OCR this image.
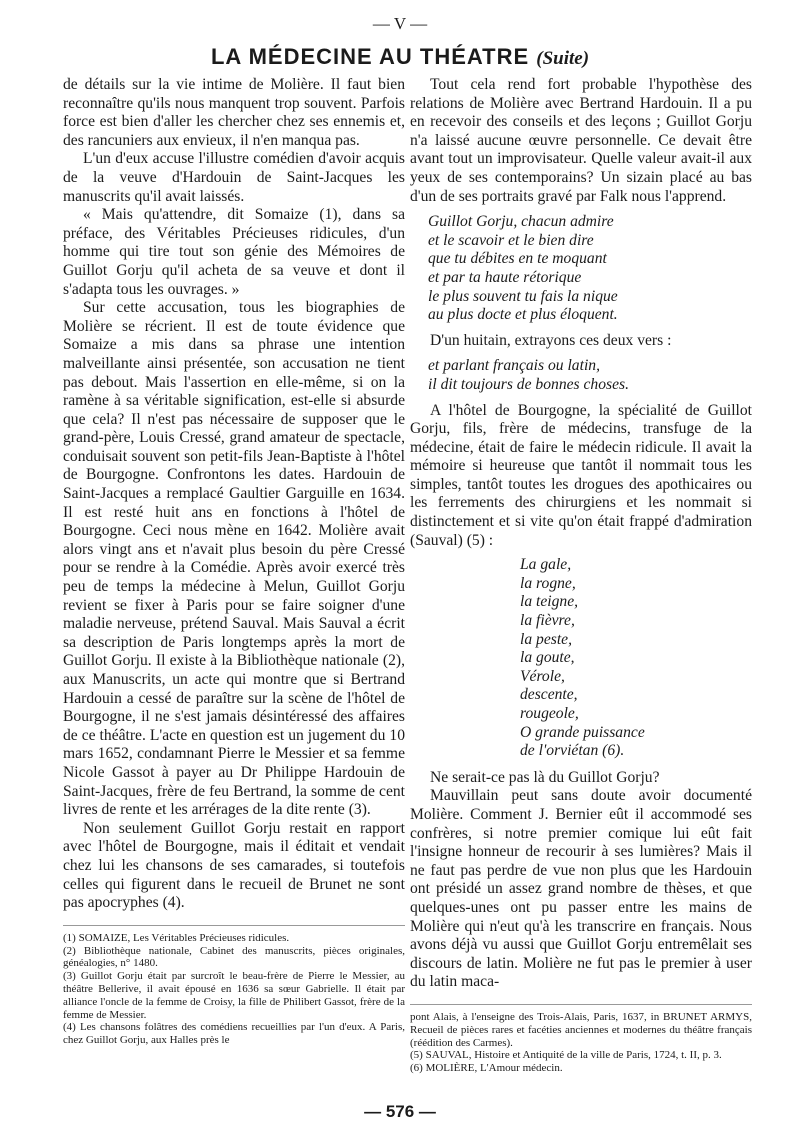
— V —
LA MÉDECINE AU THÉATRE (Suite)

de détails sur la vie intime de Molière. Il faut bien reconnaître qu'ils nous manquent trop souvent. Parfois force est bien d'aller les chercher chez ses ennemis et, des rancuniers aux envieux, il n'en manqua pas.

L'un d'eux accuse l'illustre comédien d'avoir acquis de la veuve d'Hardouin de Saint-Jacques les manuscrits qu'il avait laissés.

« Mais qu'attendre, dit Somaize (1), dans sa préface, des Véritables Précieuses ridicules, d'un homme qui tire tout son génie des Mémoires de Guillot Gorju qu'il acheta de sa veuve et dont il s'adapta tous les ouvrages. »

Sur cette accusation, tous les biographies de Molière se récrient. Il est de toute évidence que Somaize a mis dans sa phrase une intention malveillante ainsi présentée, son accusation ne tient pas debout. Mais l'assertion en elle-même, si on la ramène à sa véritable signification, est-elle si absurde que cela? Il n'est pas nécessaire de supposer que le grand-père, Louis Cressé, grand amateur de spectacle, conduisait souvent son petit-fils Jean-Baptiste à l'hôtel de Bourgogne. Confrontons les dates. Hardouin de Saint-Jacques a remplacé Gaultier Garguille en 1634. Il est resté huit ans en fonctions à l'hôtel de Bourgogne. Ceci nous mène en 1642. Molière avait alors vingt ans et n'avait plus besoin du père Cressé pour se rendre à la Comédie. Après avoir exercé très peu de temps la médecine à Melun, Guillot Gorju revient se fixer à Paris pour se faire soigner d'une maladie nerveuse, prétend Sauval. Mais Sauval a écrit sa description de Paris longtemps après la mort de Guillot Gorju. Il existe à la Bibliothèque nationale (2), aux Manuscrits, un acte qui montre que si Bertrand Hardouin a cessé de paraître sur la scène de l'hôtel de Bourgogne, il ne s'est jamais désintéressé des affaires de ce théâtre. L'acte en question est un jugement du 10 mars 1652, condamnant Pierre le Messier et sa femme Nicole Gassot à payer au Dr Philippe Hardouin de Saint-Jacques, frère de feu Bertrand, la somme de cent livres de rente et les arrérages de la dite rente (3).

Non seulement Guillot Gorju restait en rapport avec l'hôtel de Bourgogne, mais il éditait et vendait chez lui les chansons de ses camarades, si toutefois celles qui figurent dans le recueil de Brunet ne sont pas apocryphes (4).

(1) SOMAIZE, Les Véritables Précieuses ridicules.

(2) Bibliothèque nationale, Cabinet des manuscrits, pièces originales, généalogies, n° 1480.

(3) Guillot Gorju était par surcroît le beau-frère de Pierre le Messier, au théâtre Bellerive, il avait épousé en 1636 sa sœur Gabrielle. Il était par alliance l'oncle de la femme de Croisy, la fille de Philibert Gassot, frère de la femme de Messier.

(4) Les chansons folâtres des comédiens recueillies par l'un d'eux. A Paris, chez Guillot Gorju, aux Halles près le

Tout cela rend fort probable l'hypothèse des relations de Molière avec Bertrand Hardouin. Il a pu en recevoir des conseils et des leçons ; Guillot Gorju n'a laissé aucune œuvre personnelle. Ce devait être avant tout un improvisateur. Quelle valeur avait-il aux yeux de ses contemporains? Un sizain placé au bas d'un de ses portraits gravé par Falk nous l'apprend.

Guillot Gorju, chacun admire
et le scavoir et le bien dire
que tu débites en te moquant
et par ta haute rétorique
le plus souvent tu fais la nique
au plus docte et plus éloquent.

D'un huitain, extrayons ces deux vers :

et parlant français ou latin,
il dit toujours de bonnes choses.

A l'hôtel de Bourgogne, la spécialité de Guillot Gorju, fils, frère de médecins, transfuge de la médecine, était de faire le médecin ridicule. Il avait la mémoire si heureuse que tantôt il nommait tous les simples, tantôt toutes les drogues des apothicaires ou les ferrements des chirurgiens et les nommait si distinctement et si vite qu'on était frappé d'admiration (Sauval) (5) :

La gale,
la rogne,
la teigne,
la fièvre,
la peste,
la goute,
Vérole,
descente,
rougeole,
O grande puissance
de l'orviétan (6).

Ne serait-ce pas là du Guillot Gorju?

Mauvillain peut sans doute avoir documenté Molière. Comment J. Bernier eût il accommodé ses confrères, si notre premier comique lui eût fait l'insigne honneur de recourir à ses lumières? Mais il ne faut pas perdre de vue non plus que les Hardouin ont présidé un assez grand nombre de thèses, et que quelques-unes ont pu passer entre les mains de Molière qui n'eut qu'à les transcrire en français. Nous avons déjà vu aussi que Guillot Gorju entremêlait ses discours de latin. Molière ne fut pas le premier à user du latin maca-

pont Alais, à l'enseigne des Trois-Alais, Paris, 1637, in BRUNET ARMYS, Recueil de pièces rares et facéties anciennes et modernes du théâtre français (réédition des Carmes).

(5) SAUVAL, Histoire et Antiquité de la ville de Paris, 1724, t. II, p. 3.

(6) MOLIÈRE, L'Amour médecin.

— 576 —
